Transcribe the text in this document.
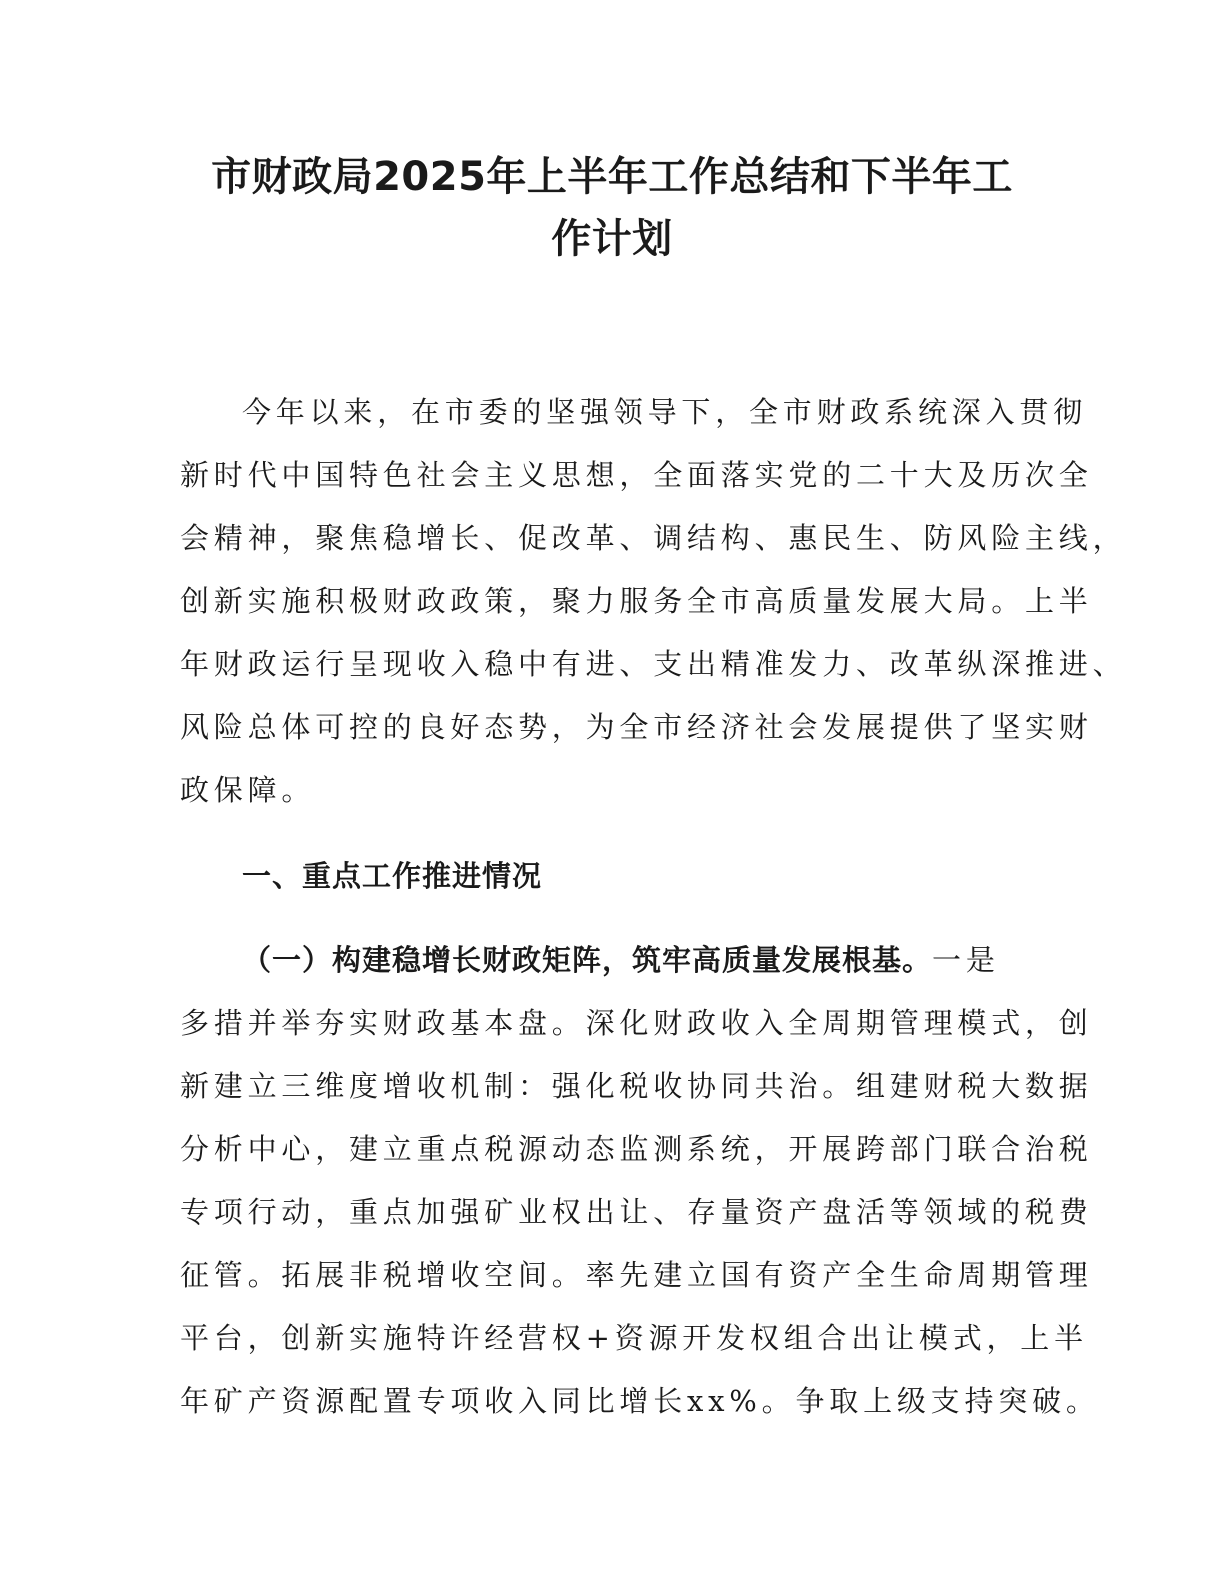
市财政局2025年上半年工作总结和下半年工
作计划
今年以来，在市委的坚强领导下，全市财政系统深入贯彻
新时代中国特色社会主义思想，全面落实党的二十大及历次全
会精神，聚焦稳增长、促改革、调结构、惠民生、防风险主线，
创新实施积极财政政策，聚力服务全市高质量发展大局。上半
年财政运行呈现收入稳中有进、支出精准发力、改革纵深推进、
风险总体可控的良好态势，为全市经济社会发展提供了坚实财
政保障。
一、重点工作推进情况
（一）构建稳增长财政矩阵，筑牢高质量发展根基。一是
多措并举夯实财政基本盘。深化财政收入全周期管理模式，创
新建立三维度增收机制：强化税收协同共治。组建财税大数据
分析中心，建立重点税源动态监测系统，开展跨部门联合治税
专项行动，重点加强矿业权出让、存量资产盘活等领域的税费
征管。拓展非税增收空间。率先建立国有资产全生命周期管理
平台，创新实施特许经营权+资源开发权组合出让模式，上半
年矿产资源配置专项收入同比增长xx%。争取上级支持突破。
